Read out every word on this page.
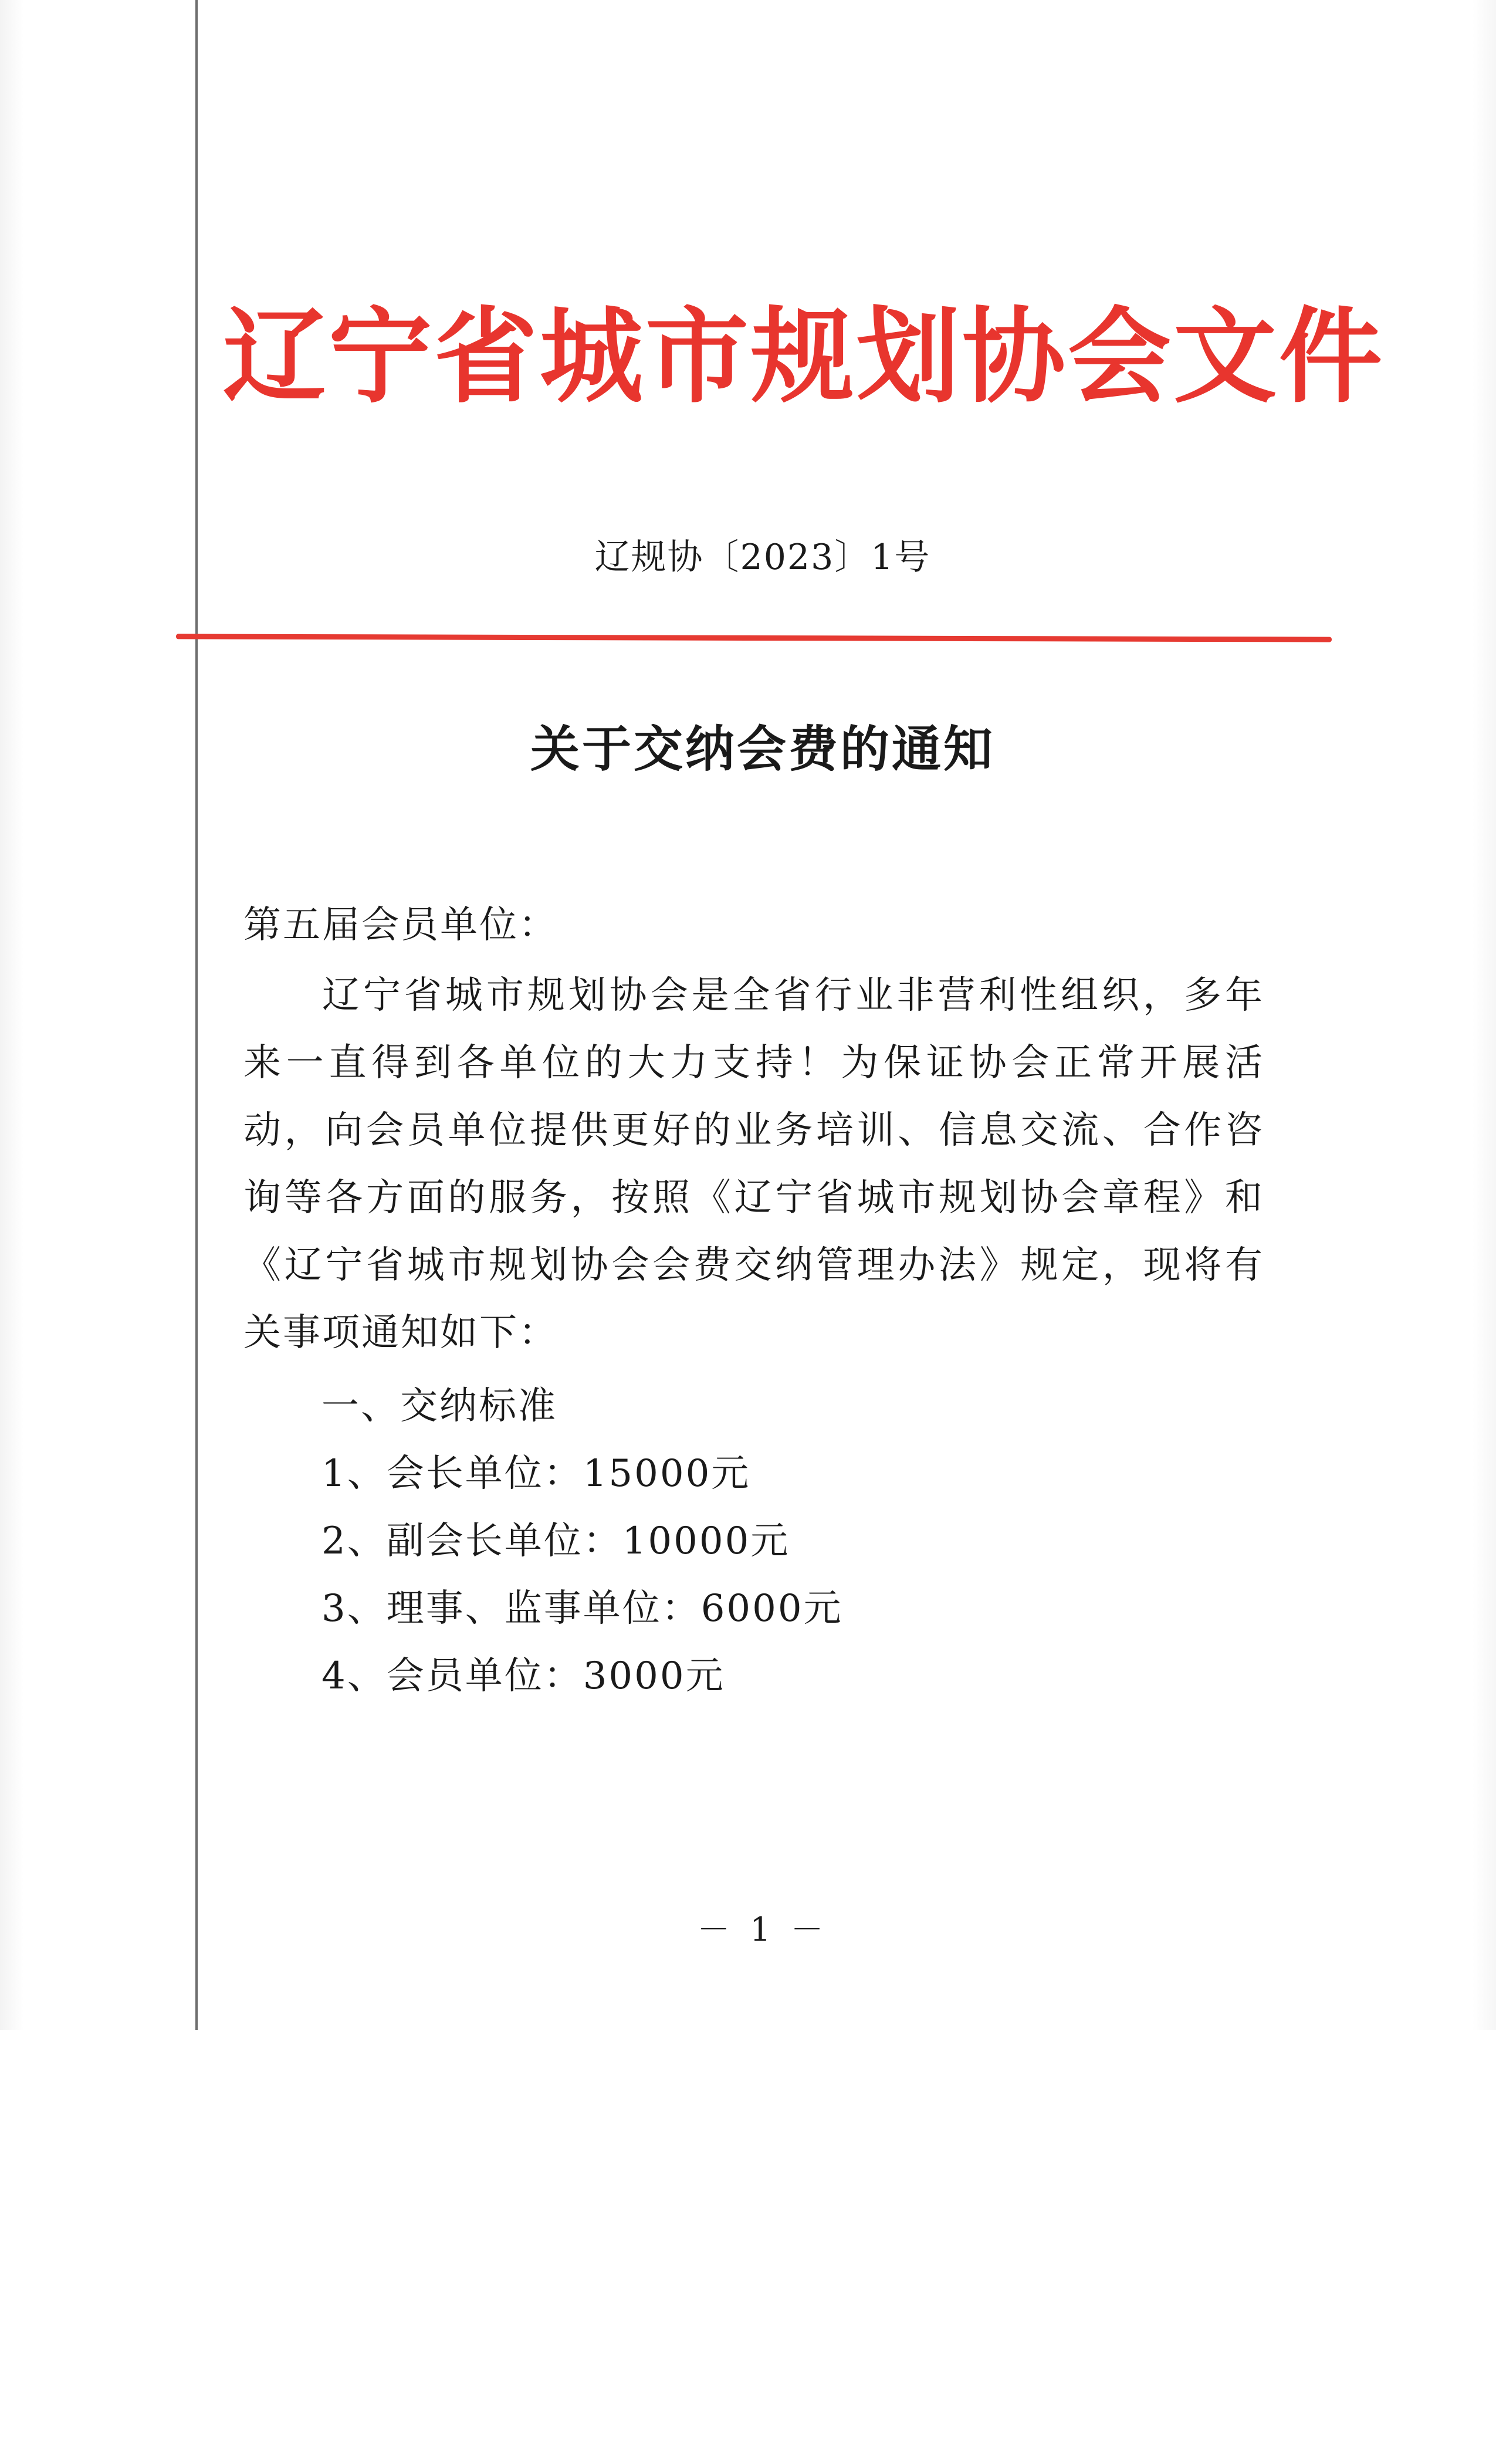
辽宁省城市规划协会文件
辽规协〔2023〕1号
关于交纳会费的通知
第五届会员单位：
辽宁省城市规划协会是全省行业非营利性组织，多年来一直得到各单位的大力支持！为保证协会正常开展活动，向会员单位提供更好的业务培训、信息交流、合作咨询等各方面的服务，按照《辽宁省城市规划协会章程》和《辽宁省城市规划协会会费交纳管理办法》规定，现将有关事项通知如下：
一、交纳标准
1、会长单位：15000元
2、副会长单位：10000元
3、理事、监事单位：6000元
4、会员单位：3000元
－ 1 －
